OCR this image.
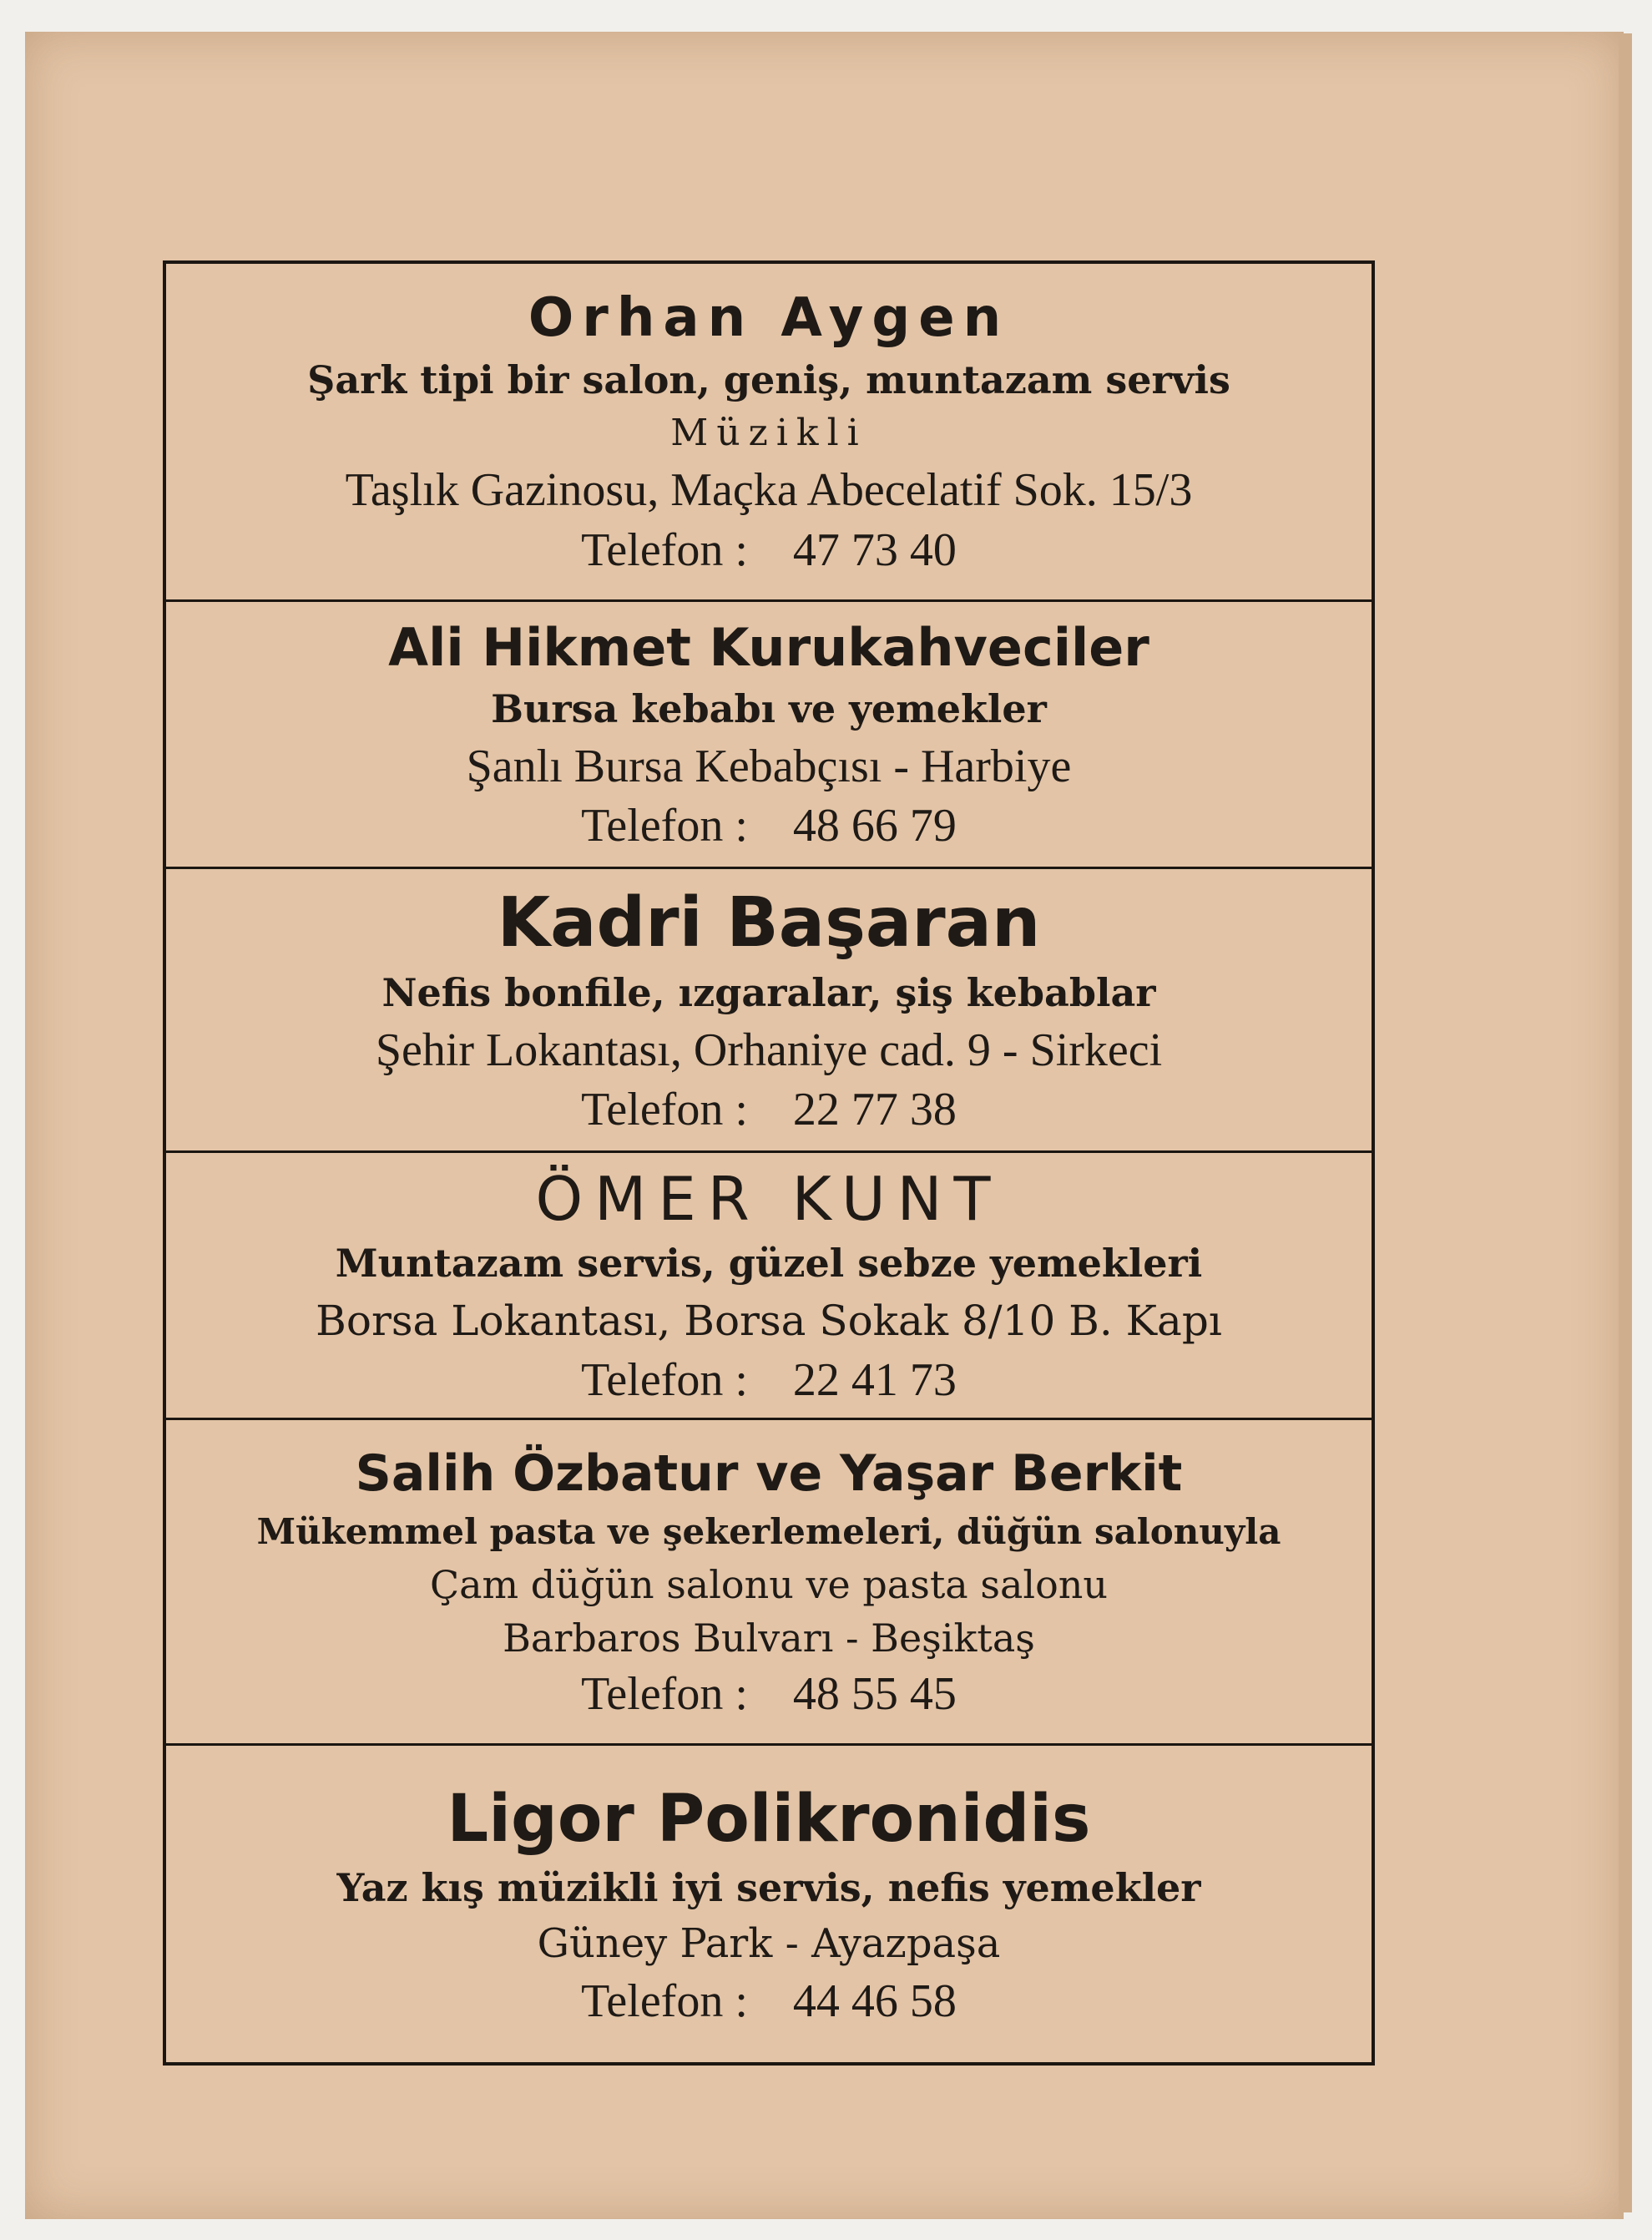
Orhan Aygen
Şark tipi bir salon, geniş, muntazam servis
Müzikli
Taşlık Gazinosu, Maçka Abecelatif Sok. 15/3
Telefon : 47 73 40
Ali Hikmet Kurukahveciler
Bursa kebabı ve yemekler
Şanlı Bursa Kebabçısı - Harbiye
Telefon : 48 66 79
Kadri Başaran
Nefis bonfile, ızgaralar, şiş kebablar
Şehir Lokantası, Orhaniye cad. 9 - Sirkeci
Telefon : 22 77 38
ÖMER KUNT
Muntazam servis, güzel sebze yemekleri
Borsa Lokantası, Borsa Sokak 8/10 B. Kapı
Telefon : 22 41 73
Salih Özbatur ve Yaşar Berkit
Mükemmel pasta ve şekerlemeleri, düğün salonuyla
Çam düğün salonu ve pasta salonu
Barbaros Bulvarı - Beşiktaş
Telefon : 48 55 45
Ligor Polikronidis
Yaz kış müzikli iyi servis, nefis yemekler
Güney Park - Ayazpaşa
Telefon : 44 46 58
